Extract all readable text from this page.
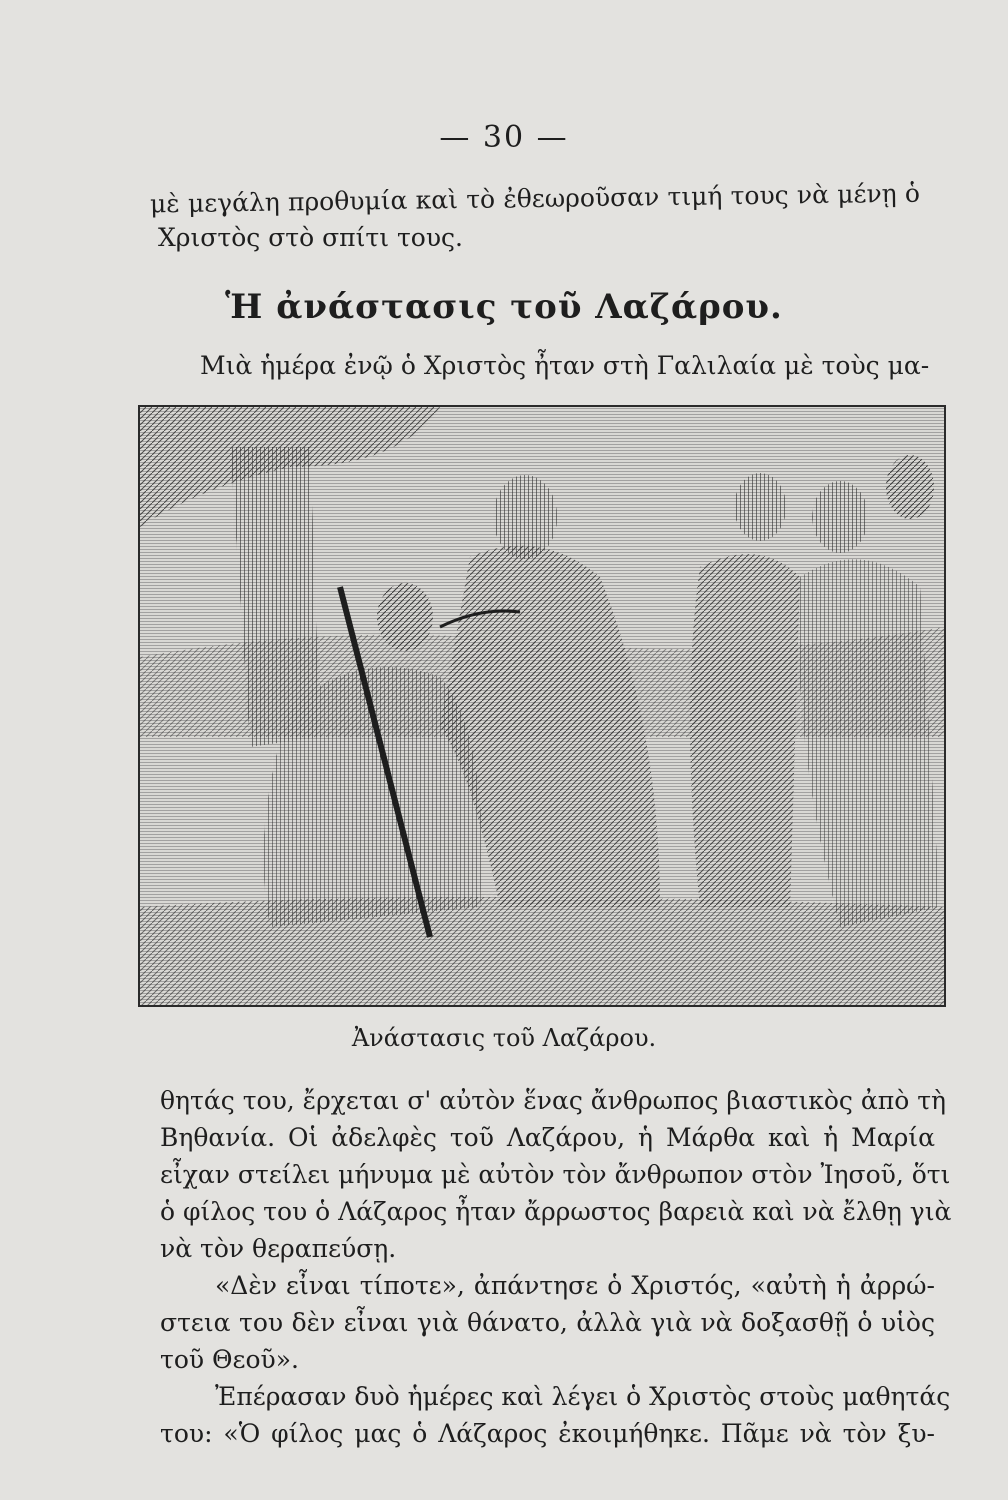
— 30 —
μὲ μεγάλη προθυμία καὶ τὸ ἐθεωροῦσαν τιμή τους νὰ μένῃ ὁ
Χριστὸς στὸ σπίτι τους.
Ἡ ἀνάστασις τοῦ Λαζάρου.
Μιὰ ἡμέρα ἐνῷ ὁ Χριστὸς ἦταν στὴ Γαλιλαία μὲ τοὺς μα-
Ἀνάστασις τοῦ Λαζάρου.
θητάς του, ἔρχεται σ' αὐτὸν ἕνας ἄνθρωπος βιαστικὸς ἀπὸ τὴ
Βηθανία. Οἱ ἀδελφὲς τοῦ Λαζάρου, ἡ Μάρθα καὶ ἡ Μαρία
εἶχαν στείλει μήνυμα μὲ αὐτὸν τὸν ἄνθρωπον στὸν Ἰησοῦ, ὅτι
ὁ φίλος του ὁ Λάζαρος ἦταν ἄρρωστος βαρειὰ καὶ νὰ ἔλθῃ γιὰ
νὰ τὸν θεραπεύσῃ.
«Δὲν εἶναι τίποτε», ἀπάντησε ὁ Χριστός, «αὐτὴ ἡ ἀρρώ-
στεια του δὲν εἶναι γιὰ θάνατο, ἀλλὰ γιὰ νὰ δοξασθῇ ὁ υἱὸς
τοῦ Θεοῦ».
Ἐπέρασαν δυὸ ἡμέρες καὶ λέγει ὁ Χριστὸς στοὺς μαθητάς
του: «Ὁ φίλος μας ὁ Λάζαρος ἐκοιμήθηκε. Πᾶμε νὰ τὸν ξυ-
